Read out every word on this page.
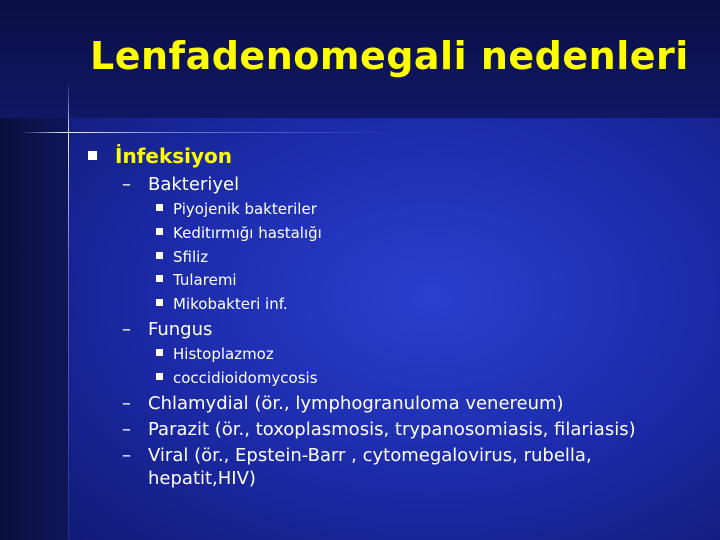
Lenfadenomegali nedenleri
İnfeksiyon
– Bakteriyel
Piyojenik bakteriler
Keditırmığı hastalığı
Sfiliz
Tularemi
Mikobakteri inf.
– Fungus
Histoplazmoz
coccidioidomycosis
– Chlamydial (ör., lymphogranuloma venereum)
– Parazit (ör., toxoplasmosis, trypanosomiasis, filariasis)
– Viral (ör., Epstein-Barr , cytomegalovirus, rubella,
hepatit,HIV)
